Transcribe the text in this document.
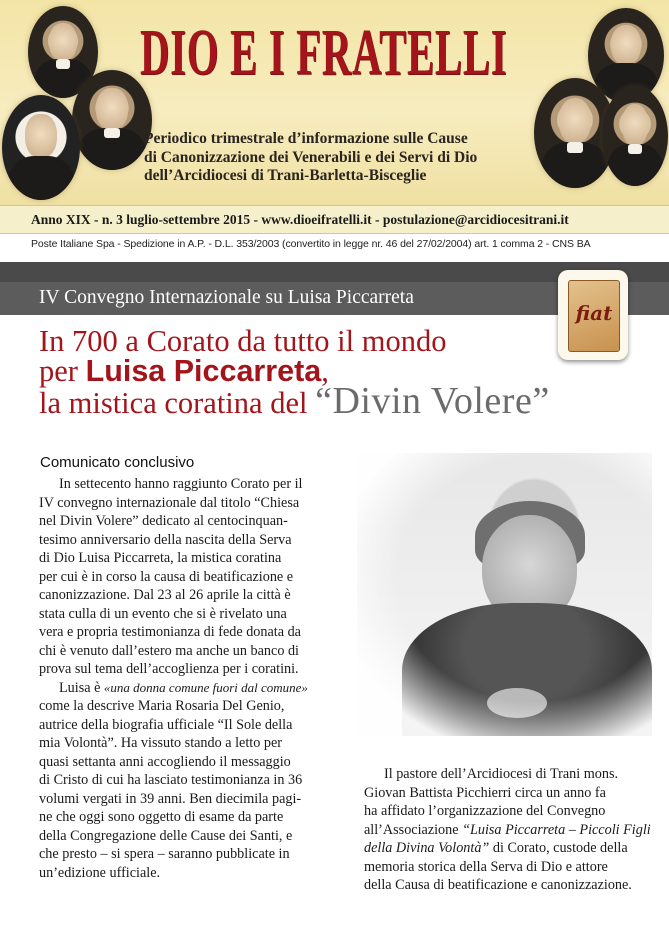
DIO E I FRATELLI
Periodico trimestrale d’informazione sulle Cause
di Canonizzazione dei Venerabili e dei Servi di Dio
dell’Arcidiocesi di Trani-Barletta-Bisceglie
Anno XIX - n. 3 luglio-settembre 2015 - www.dioeifratelli.it - postulazione@arcidiocesitrani.it
Poste Italiane Spa - Spedizione in A.P. - D.L. 353/2003 (convertito in legge nr. 46 del 27/02/2004) art. 1 comma 2 - CNS BA
IV Convegno Internazionale su Luisa Piccarreta
fiat
In 700 a Corato da tutto il mondo
per Luisa Piccarreta,
la mistica coratina del “Divin Volere”
Comunicato conclusivo

In settecento hanno raggiunto Corato per il

IV convegno internazionale dal titolo “Chiesa
nel Divin Volere” dedicato al centocinquan-
tesimo anniversario della nascita della Serva
di Dio Luisa Piccarreta, la mistica coratina
per cui è in corso la causa di beatificazione e
canonizzazione. Dal 23 al 26 aprile la città è
stata culla di un evento che si è rivelato una
vera e propria testimonianza di fede donata da
chi è venuto dall’estero ma anche un banco di
prova sul tema dell’accoglienza per i coratini.

Luisa è «una donna comune fuori dal comune»

come la descrive Maria Rosaria Del Genio,
autrice della biografia ufficiale “Il Sole della
mia Volontà”. Ha vissuto stando a letto per
quasi settanta anni accogliendo il messaggio
di Cristo di cui ha lasciato testimonianza in 36
volumi vergati in 39 anni. Ben diecimila pagi-
ne che oggi sono oggetto di esame da parte
della Congregazione delle Cause dei Santi, e
che presto – si spera – saranno pubblicate in
un’edizione ufficiale.
Il pastore dell’Arcidiocesi di Trani mons.
Giovan Battista Picchierri circa un anno fa
ha affidato l’organizzazione del Convegno
all’Associazione “Luisa Piccarreta – Piccoli Figli
della Divina Volontà” di Corato, custode della
memoria storica della Serva di Dio e attore
della Causa di beatificazione e canonizzazione.
